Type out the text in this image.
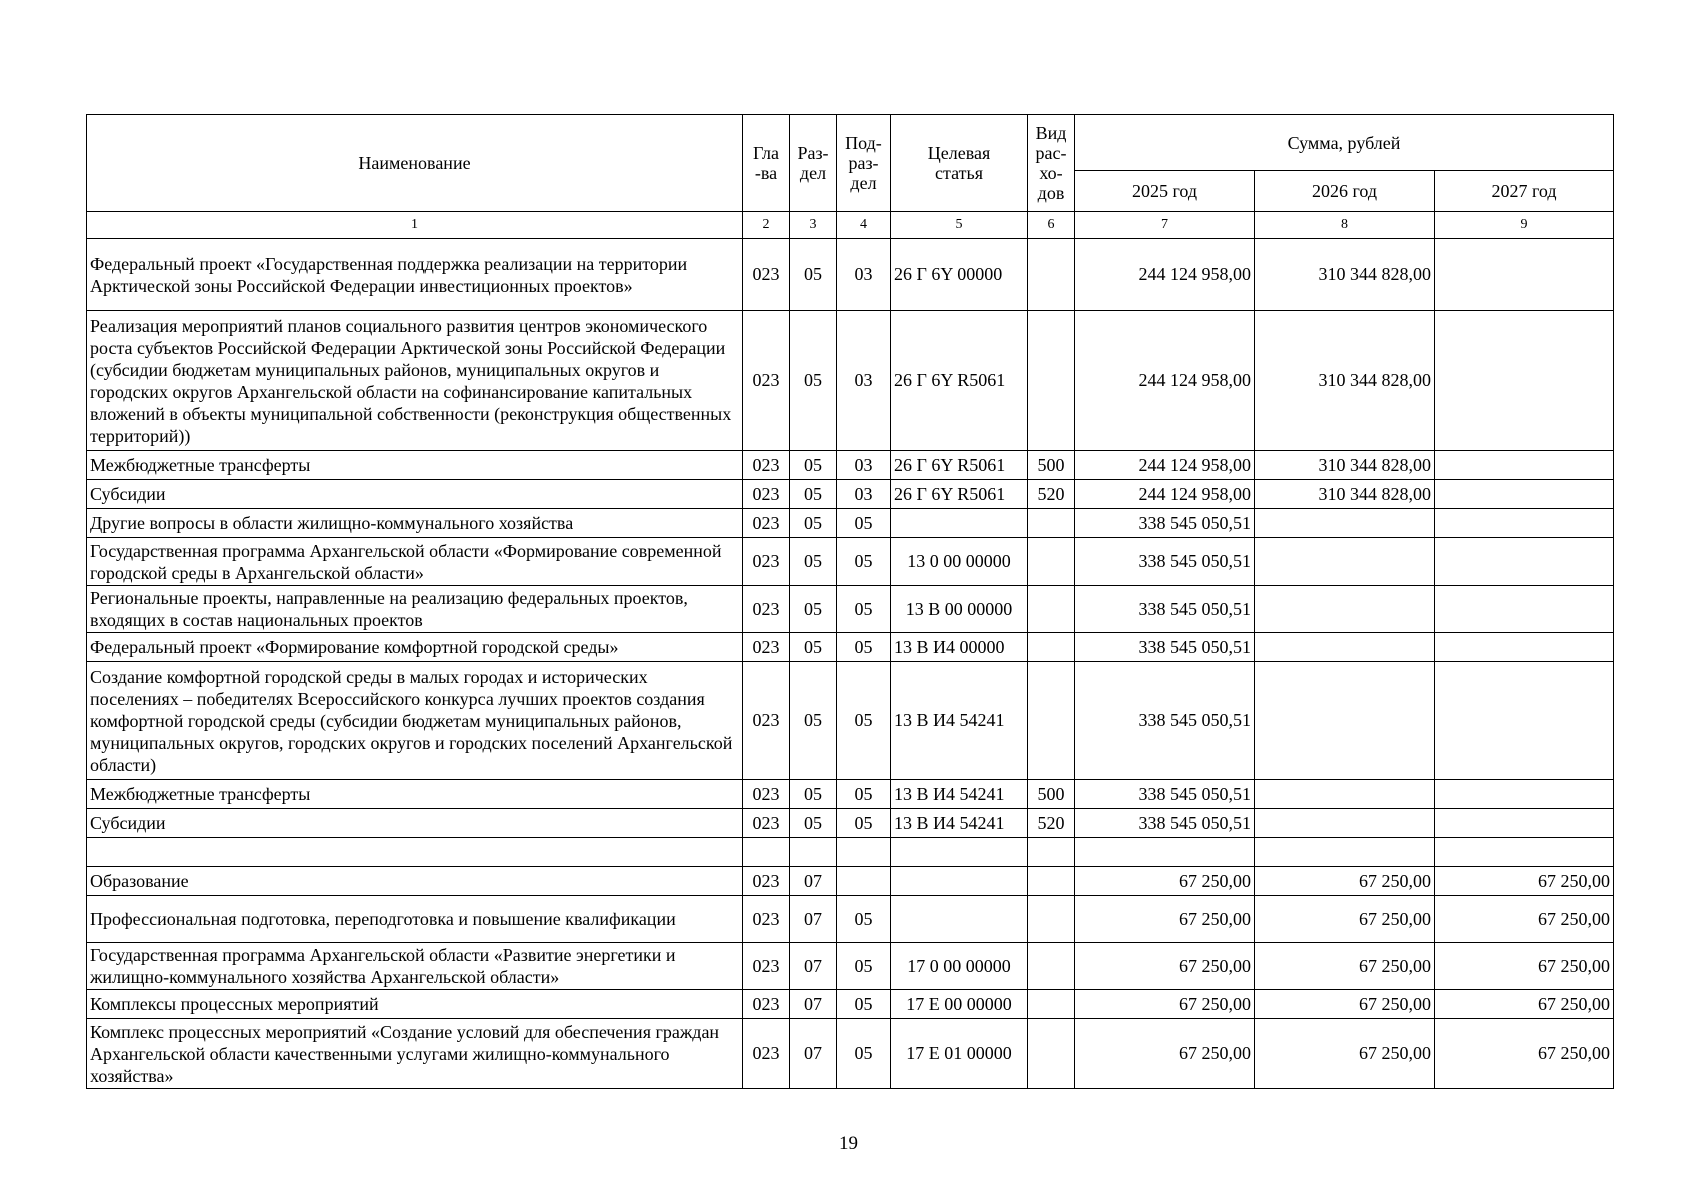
Наименование	Гла-ва	Раз-дел	Под-раз-дел	Целевая статья	Вид рас-хо-дов	Сумма, рублей		
						2025 год	2026 год	2027 год
1	2	3	4	5	6	7	8	9
Федеральный проект «Государственная поддержка реализации на территории Арктической зоны Российской Федерации инвестиционных проектов»	023	05	03	26 Г 6Y 00000		244 124 958,00	310 344 828,00	
Реализация мероприятий планов социального развития центров экономического роста субъектов Российской Федерации Арктической зоны Российской Федерации (субсидии бюджетам муниципальных районов, муниципальных округов и городских округов Архангельской области на софинансирование капитальных вложений в объекты муниципальной собственности (реконструкция общественных территорий))	023	05	03	26 Г 6Y R5061		244 124 958,00	310 344 828,00	
Межбюджетные трансферты	023	05	03	26 Г 6Y R5061	500	244 124 958,00	310 344 828,00	
Субсидии	023	05	03	26 Г 6Y R5061	520	244 124 958,00	310 344 828,00	
Другие вопросы в области жилищно-коммунального хозяйства	023	05	05			338 545 050,51		
Государственная программа Архангельской области «Формирование современной городской среды в Архангельской области»	023	05	05	13 0 00 00000		338 545 050,51		
Региональные проекты, направленные на реализацию федеральных проектов, входящих в состав национальных проектов	023	05	05	13 В 00 00000		338 545 050,51		
Федеральный проект «Формирование комфортной городской среды»	023	05	05	13 В И4 00000		338 545 050,51		
Создание комфортной городской среды в малых городах и исторических поселениях – победителях Всероссийского конкурса лучших проектов создания комфортной городской среды (субсидии бюджетам муниципальных районов, муниципальных округов, городских округов и городских поселений Архангельской области)	023	05	05	13 В И4 54241		338 545 050,51		
Межбюджетные трансферты	023	05	05	13 В И4 54241	500	338 545 050,51		
Субсидии	023	05	05	13 В И4 54241	520	338 545 050,51		

Образование	023	07				67 250,00	67 250,00	67 250,00
Профессиональная подготовка, переподготовка и повышение квалификации	023	07	05			67 250,00	67 250,00	67 250,00
Государственная программа Архангельской области «Развитие энергетики и жилищно-коммунального хозяйства Архангельской области»	023	07	05	17 0 00 00000		67 250,00	67 250,00	67 250,00
Комплексы процессных мероприятий	023	07	05	17 Е 00 00000		67 250,00	67 250,00	67 250,00
Комплекс процессных мероприятий «Создание условий для обеспечения граждан Архангельской области качественными услугами жилищно-коммунального хозяйства»	023	07	05	17 Е 01 00000		67 250,00	67 250,00	67 250,00
19
